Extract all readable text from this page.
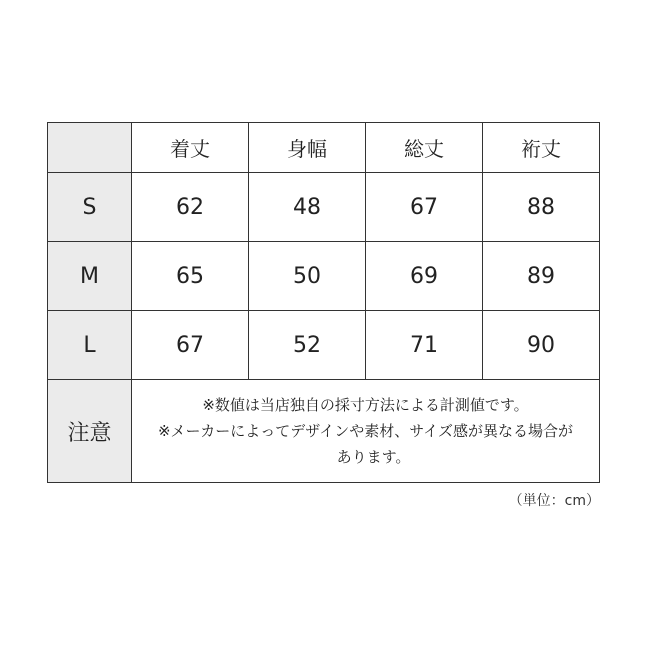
	着丈	身幅	総丈	裄丈
S	62	48	67	88
M	65	50	69	89
L	67	52	71	90
注意	※数値は当店独自の採寸方法による計測値です。
※メーカーによってデザインや素材、サイズ感が異なる場合が
あります。			
（単位：cm）
